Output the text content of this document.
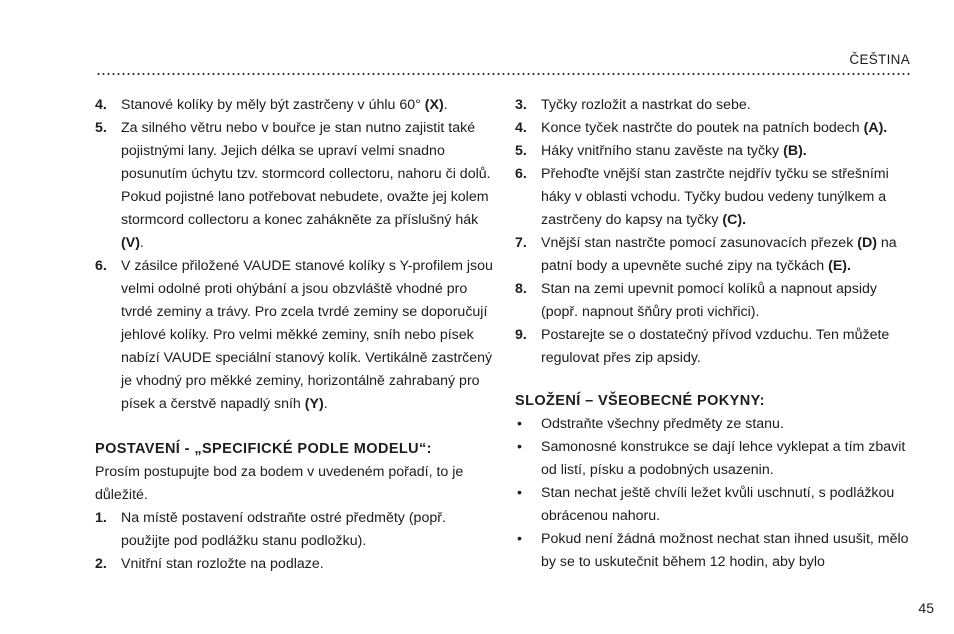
ČEŠTINA
4. Stanové kolíky by měly být zastrčeny v úhlu 60° (X).
5. Za silného větru nebo v bouřce je stan nutno zajistit také pojistnými lany. Jejich délka se upraví velmi snadno posunutím úchytu tzv. stormcord collectoru, nahoru či dolů. Pokud pojistné lano potřebovat nebudete, ovažte jej kolem stormcord collectoru a konec zahákněte za příslušný hák (V).
6. V zásilce přiložené VAUDE stanové kolíky s Y-profilem jsou velmi odolné proti ohýbání a jsou obzvláště vhodné pro tvrdé zeminy a trávy. Pro zcela tvrdé zeminy se doporučují jehlové kolíky. Pro velmi měkké zeminy, sníh nebo písek nabízí VAUDE speciální stanový kolík. Vertikálně zastrčený je vhodný pro měkké zeminy, horizontálně zahrabaný pro písek a čerstvě napadlý sníh (Y).
POSTAVENÍ - „SPECIFICKÉ PODLE MODELU“:
Prosím postupujte bod za bodem v uvedeném pořadí, to je důležité.
1. Na místě postavení odstraňte ostré předměty (popř. použijte pod podlážku stanu podložku).
2. Vnitřní stan rozložte na podlaze.
3. Tyčky rozložit a nastrkat do sebe.
4. Konce tyček nastrčte do poutek na patních bodech (A).
5. Háky vnitřního stanu zavěste na tyčky (B).
6. Přehoďte vnější stan zastrčte nejdřív tyčku se střešními háky v oblasti vchodu. Tyčky budou vedeny tunýlkem a zastrčeny do kapsy na tyčky (C).
7. Vnější stan nastrčte pomocí zasunovacích přezek (D) na patní body a upevněte suché zipy na tyčkách (E).
8. Stan na zemi upevnit pomocí kolíků a napnout apsidy (popř. napnout šňůry proti vichřici).
9. Postarejte se o dostatečný přívod vzduchu. Ten můžete regulovat přes zip apsidy.
SLOŽENÍ – VŠEOBECNÉ POKYNY:
•	Odstraňte všechny předměty ze stanu.
•	Samonosné konstrukce se dají lehce vyklepat a tím zbavit od listí, písku a podobných usazenin.
•	Stan nechat ještě chvíli ležet kvůli uschnutí, s podlážkou obrácenou nahoru.
•	Pokud není žádná možnost nechat stan ihned usušit, mělo by se to uskutečnit během 12 hodin, aby bylo
45
